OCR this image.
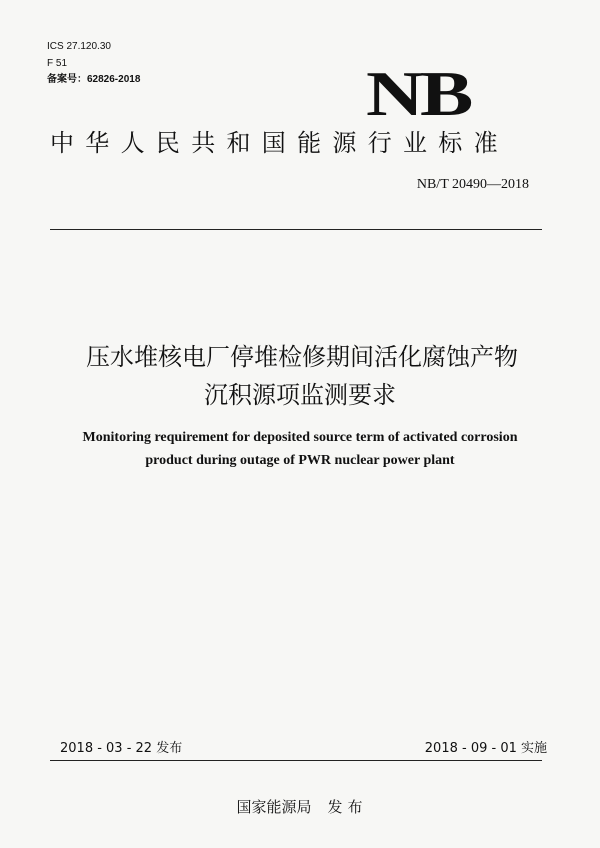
ICS 27.120.30
F 51
备案号：62826-2018	NB
中华人民共和国能源行业标准
NB/T 20490—2018
压水堆核电厂停堆检修期间活化腐蚀产物
沉积源项监测要求
Monitoring requirement for deposited source term of activated corrosion
product during outage of PWR nuclear power plant
2018 - 03 - 22 发布	2018 - 09 - 01 实施
国家能源局 发布
